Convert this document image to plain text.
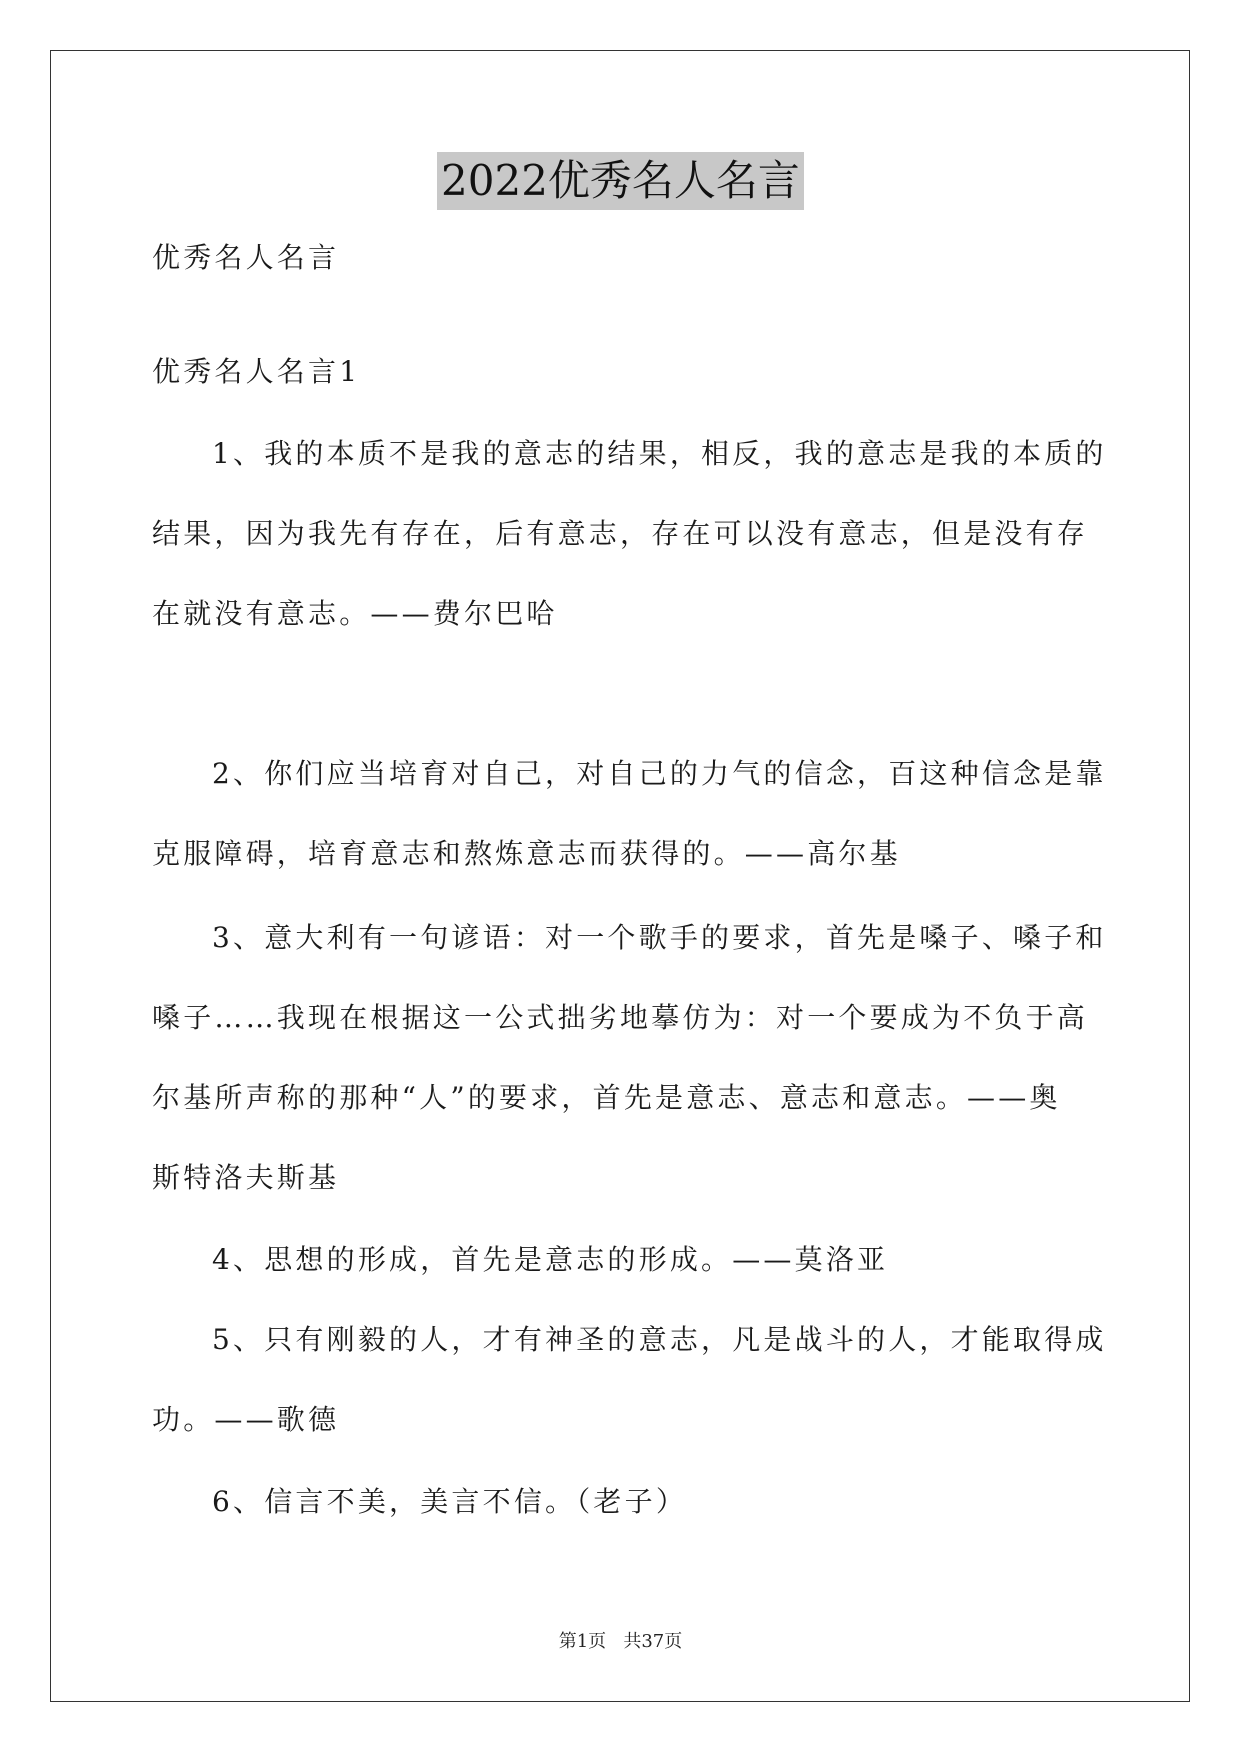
2022优秀名人名言
优秀名人名言
优秀名人名言1
1、我的本质不是我的意志的结果，相反，我的意志是我的本质的
结果，因为我先有存在，后有意志，存在可以没有意志，但是没有存
在就没有意志。——费尔巴哈
2、你们应当培育对自己，对自己的力气的信念，百这种信念是靠
克服障碍，培育意志和熬炼意志而获得的。——高尔基
3、意大利有一句谚语：对一个歌手的要求，首先是嗓子、嗓子和
嗓子……我现在根据这一公式拙劣地摹仿为：对一个要成为不负于高
尔基所声称的那种“人”的要求，首先是意志、意志和意志。——奥
斯特洛夫斯基
4、思想的形成，首先是意志的形成。——莫洛亚
5、只有刚毅的人，才有神圣的意志，凡是战斗的人，才能取得成
功。——歌德
6、信言不美，美言不信。（老子）
第1页   共37页
